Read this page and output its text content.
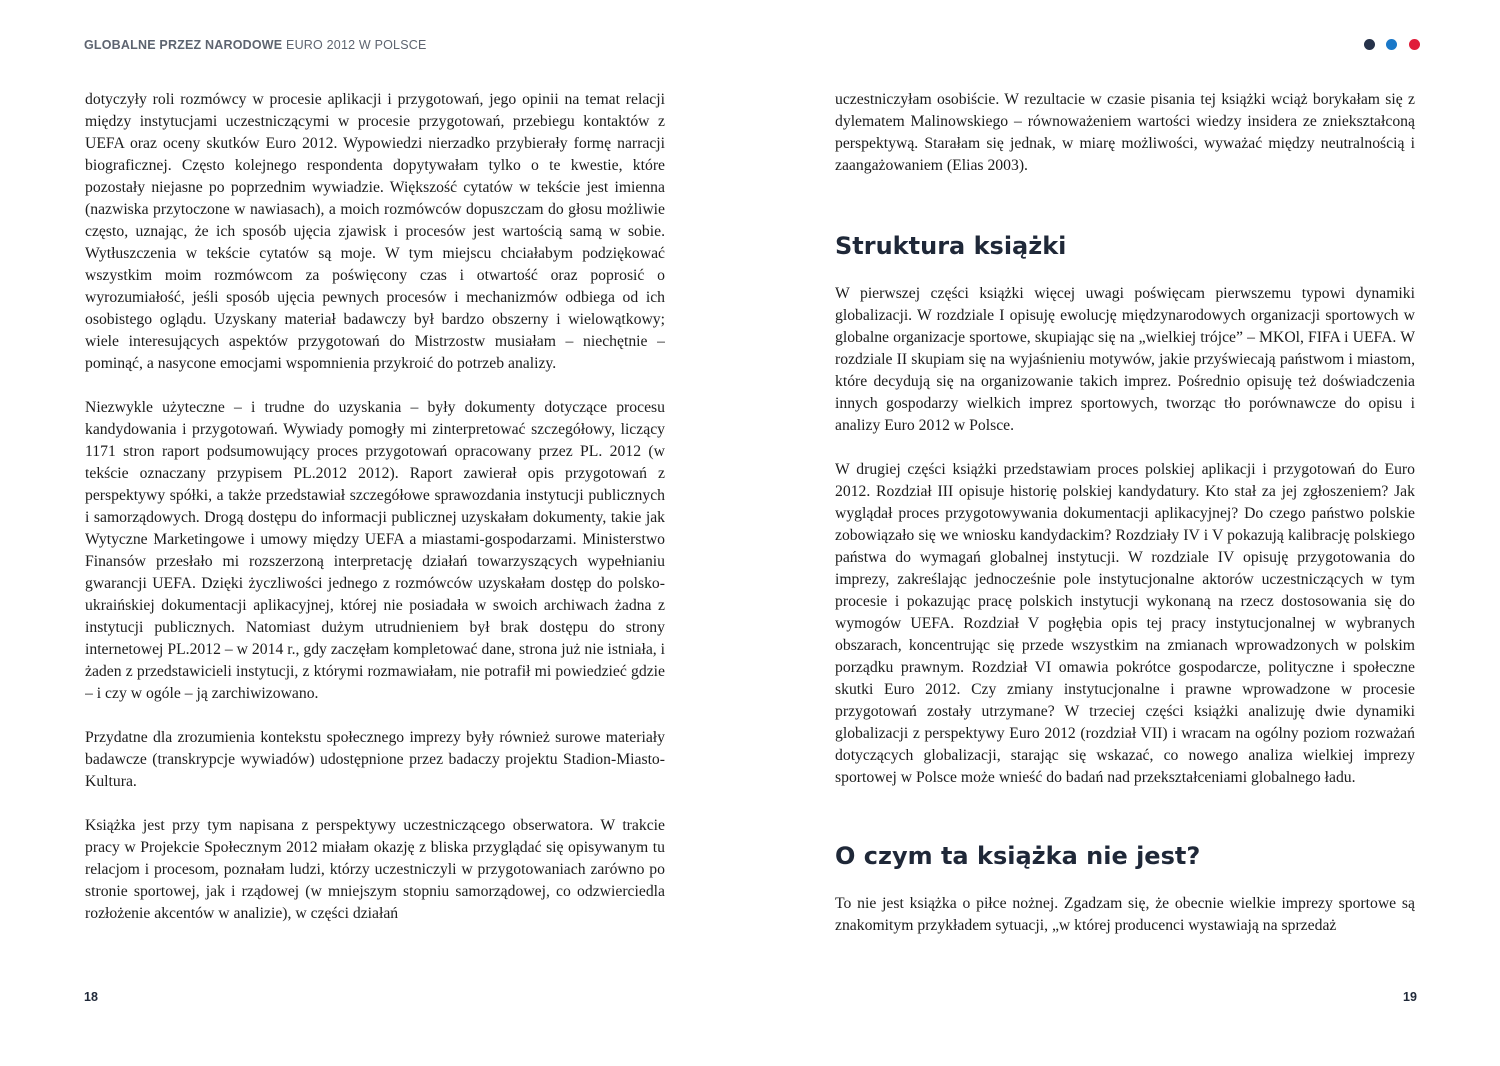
GLOBALNE PRZEZ NARODOWE EURO 2012 W POLSCE

dotyczyły roli rozmówcy w procesie aplikacji i przygotowań, jego opinii na temat relacji między instytucjami uczestniczącymi w procesie przygotowań, przebiegu kontaktów z UEFA oraz oceny skutków Euro 2012. Wypowiedzi nierzadko przybierały formę narracji biograficznej. Często kolejnego respondenta dopytywałam tylko o te kwestie, które pozostały niejasne po poprzednim wywiadzie. Większość cytatów w tekście jest imienna (nazwiska przytoczone w nawiasach), a moich rozmówców dopuszczam do głosu możliwie często, uznając, że ich sposób ujęcia zjawisk i procesów jest wartością samą w sobie. Wytłuszczenia w tekście cytatów są moje. W tym miejscu chciałabym podziękować wszystkim moim rozmówcom za poświęcony czas i otwartość oraz poprosić o wyrozumiałość, jeśli sposób ujęcia pewnych procesów i mechanizmów odbiega od ich osobistego oglądu. Uzyskany materiał badawczy był bardzo obszerny i wielowątkowy; wiele interesujących aspektów przygotowań do Mistrzostw musiałam – niechętnie – pominąć, a nasycone emocjami wspomnienia przykroić do potrzeb analizy.

Niezwykle użyteczne – i trudne do uzyskania – były dokumenty dotyczące procesu kandydowania i przygotowań. Wywiady pomogły mi zinterpretować szczegółowy, liczący 1171 stron raport podsumowujący proces przygotowań opracowany przez PL. 2012 (w tekście oznaczany przypisem PL.2012 2012). Raport zawierał opis przygotowań z perspektywy spółki, a także przedstawiał szczegółowe sprawozdania instytucji publicznych i samorządowych. Drogą dostępu do informacji publicznej uzyskałam dokumenty, takie jak Wytyczne Marketingowe i umowy między UEFA a miastami-gospodarzami. Ministerstwo Finansów przesłało mi rozszerzoną interpretację działań towarzyszących wypełnianiu gwarancji UEFA. Dzięki życzliwości jednego z rozmówców uzyskałam dostęp do polsko-ukraińskiej dokumentacji aplikacyjnej, której nie posiadała w swoich archiwach żadna z instytucji publicznych. Natomiast dużym utrudnieniem był brak dostępu do strony internetowej PL.2012 – w 2014 r., gdy zaczęłam kompletować dane, strona już nie istniała, i żaden z przedstawicieli instytucji, z którymi rozmawiałam, nie potrafił mi powiedzieć gdzie – i czy w ogóle – ją zarchiwizowano.

Przydatne dla zrozumienia kontekstu społecznego imprezy były również surowe materiały badawcze (transkrypcje wywiadów) udostępnione przez badaczy projektu Stadion-Miasto-Kultura.

Książka jest przy tym napisana z perspektywy uczestniczącego obserwatora. W trakcie pracy w Projekcie Społecznym 2012 miałam okazję z bliska przyglądać się opisywanym tu relacjom i procesom, poznałam ludzi, którzy uczestniczyli w przygotowaniach zarówno po stronie sportowej, jak i rządowej (w mniejszym stopniu samorządowej, co odzwierciedla rozłożenie akcentów w analizie), w części działań

uczestniczyłam osobiście. W rezultacie w czasie pisania tej książki wciąż borykałam się z dylematem Malinowskiego – równoważeniem wartości wiedzy insidera ze zniekształconą perspektywą. Starałam się jednak, w miarę możliwości, wyważać między neutralnością i zaangażowaniem (Elias 2003).

Struktura książki

W pierwszej części książki więcej uwagi poświęcam pierwszemu typowi dynamiki globalizacji. W rozdziale I opisuję ewolucję międzynarodowych organizacji sportowych w globalne organizacje sportowe, skupiając się na „wielkiej trójce” – MKOl, FIFA i UEFA. W rozdziale II skupiam się na wyjaśnieniu motywów, jakie przyświecają państwom i miastom, które decydują się na organizowanie takich imprez. Pośrednio opisuję też doświadczenia innych gospodarzy wielkich imprez sportowych, tworząc tło porównawcze do opisu i analizy Euro 2012 w Polsce.

W drugiej części książki przedstawiam proces polskiej aplikacji i przygotowań do Euro 2012. Rozdział III opisuje historię polskiej kandydatury. Kto stał za jej zgłoszeniem? Jak wyglądał proces przygotowywania dokumentacji aplikacyjnej? Do czego państwo polskie zobowiązało się we wniosku kandydackim? Rozdziały IV i V pokazują kalibrację polskiego państwa do wymagań globalnej instytucji. W rozdziale IV opisuję przygotowania do imprezy, zakreślając jednocześnie pole instytucjonalne aktorów uczestniczących w tym procesie i pokazując pracę polskich instytucji wykonaną na rzecz dostosowania się do wymogów UEFA. Rozdział V pogłębia opis tej pracy instytucjonalnej w wybranych obszarach, koncentrując się przede wszystkim na zmianach wprowadzonych w polskim porządku prawnym. Rozdział VI omawia pokrótce gospodarcze, polityczne i społeczne skutki Euro 2012. Czy zmiany instytucjonalne i prawne wprowadzone w procesie przygotowań zostały utrzymane? W trzeciej części książki analizuję dwie dynamiki globalizacji z perspektywy Euro 2012 (rozdział VII) i wracam na ogólny poziom rozważań dotyczących globalizacji, starając się wskazać, co nowego analiza wielkiej imprezy sportowej w Polsce może wnieść do badań nad przekształceniami globalnego ładu.

O czym ta książka nie jest?

To nie jest książka o piłce nożnej. Zgadzam się, że obecnie wielkie imprezy sportowe są znakomitym przykładem sytuacji, „w której producenci wystawiają na sprzedaż

18	19
